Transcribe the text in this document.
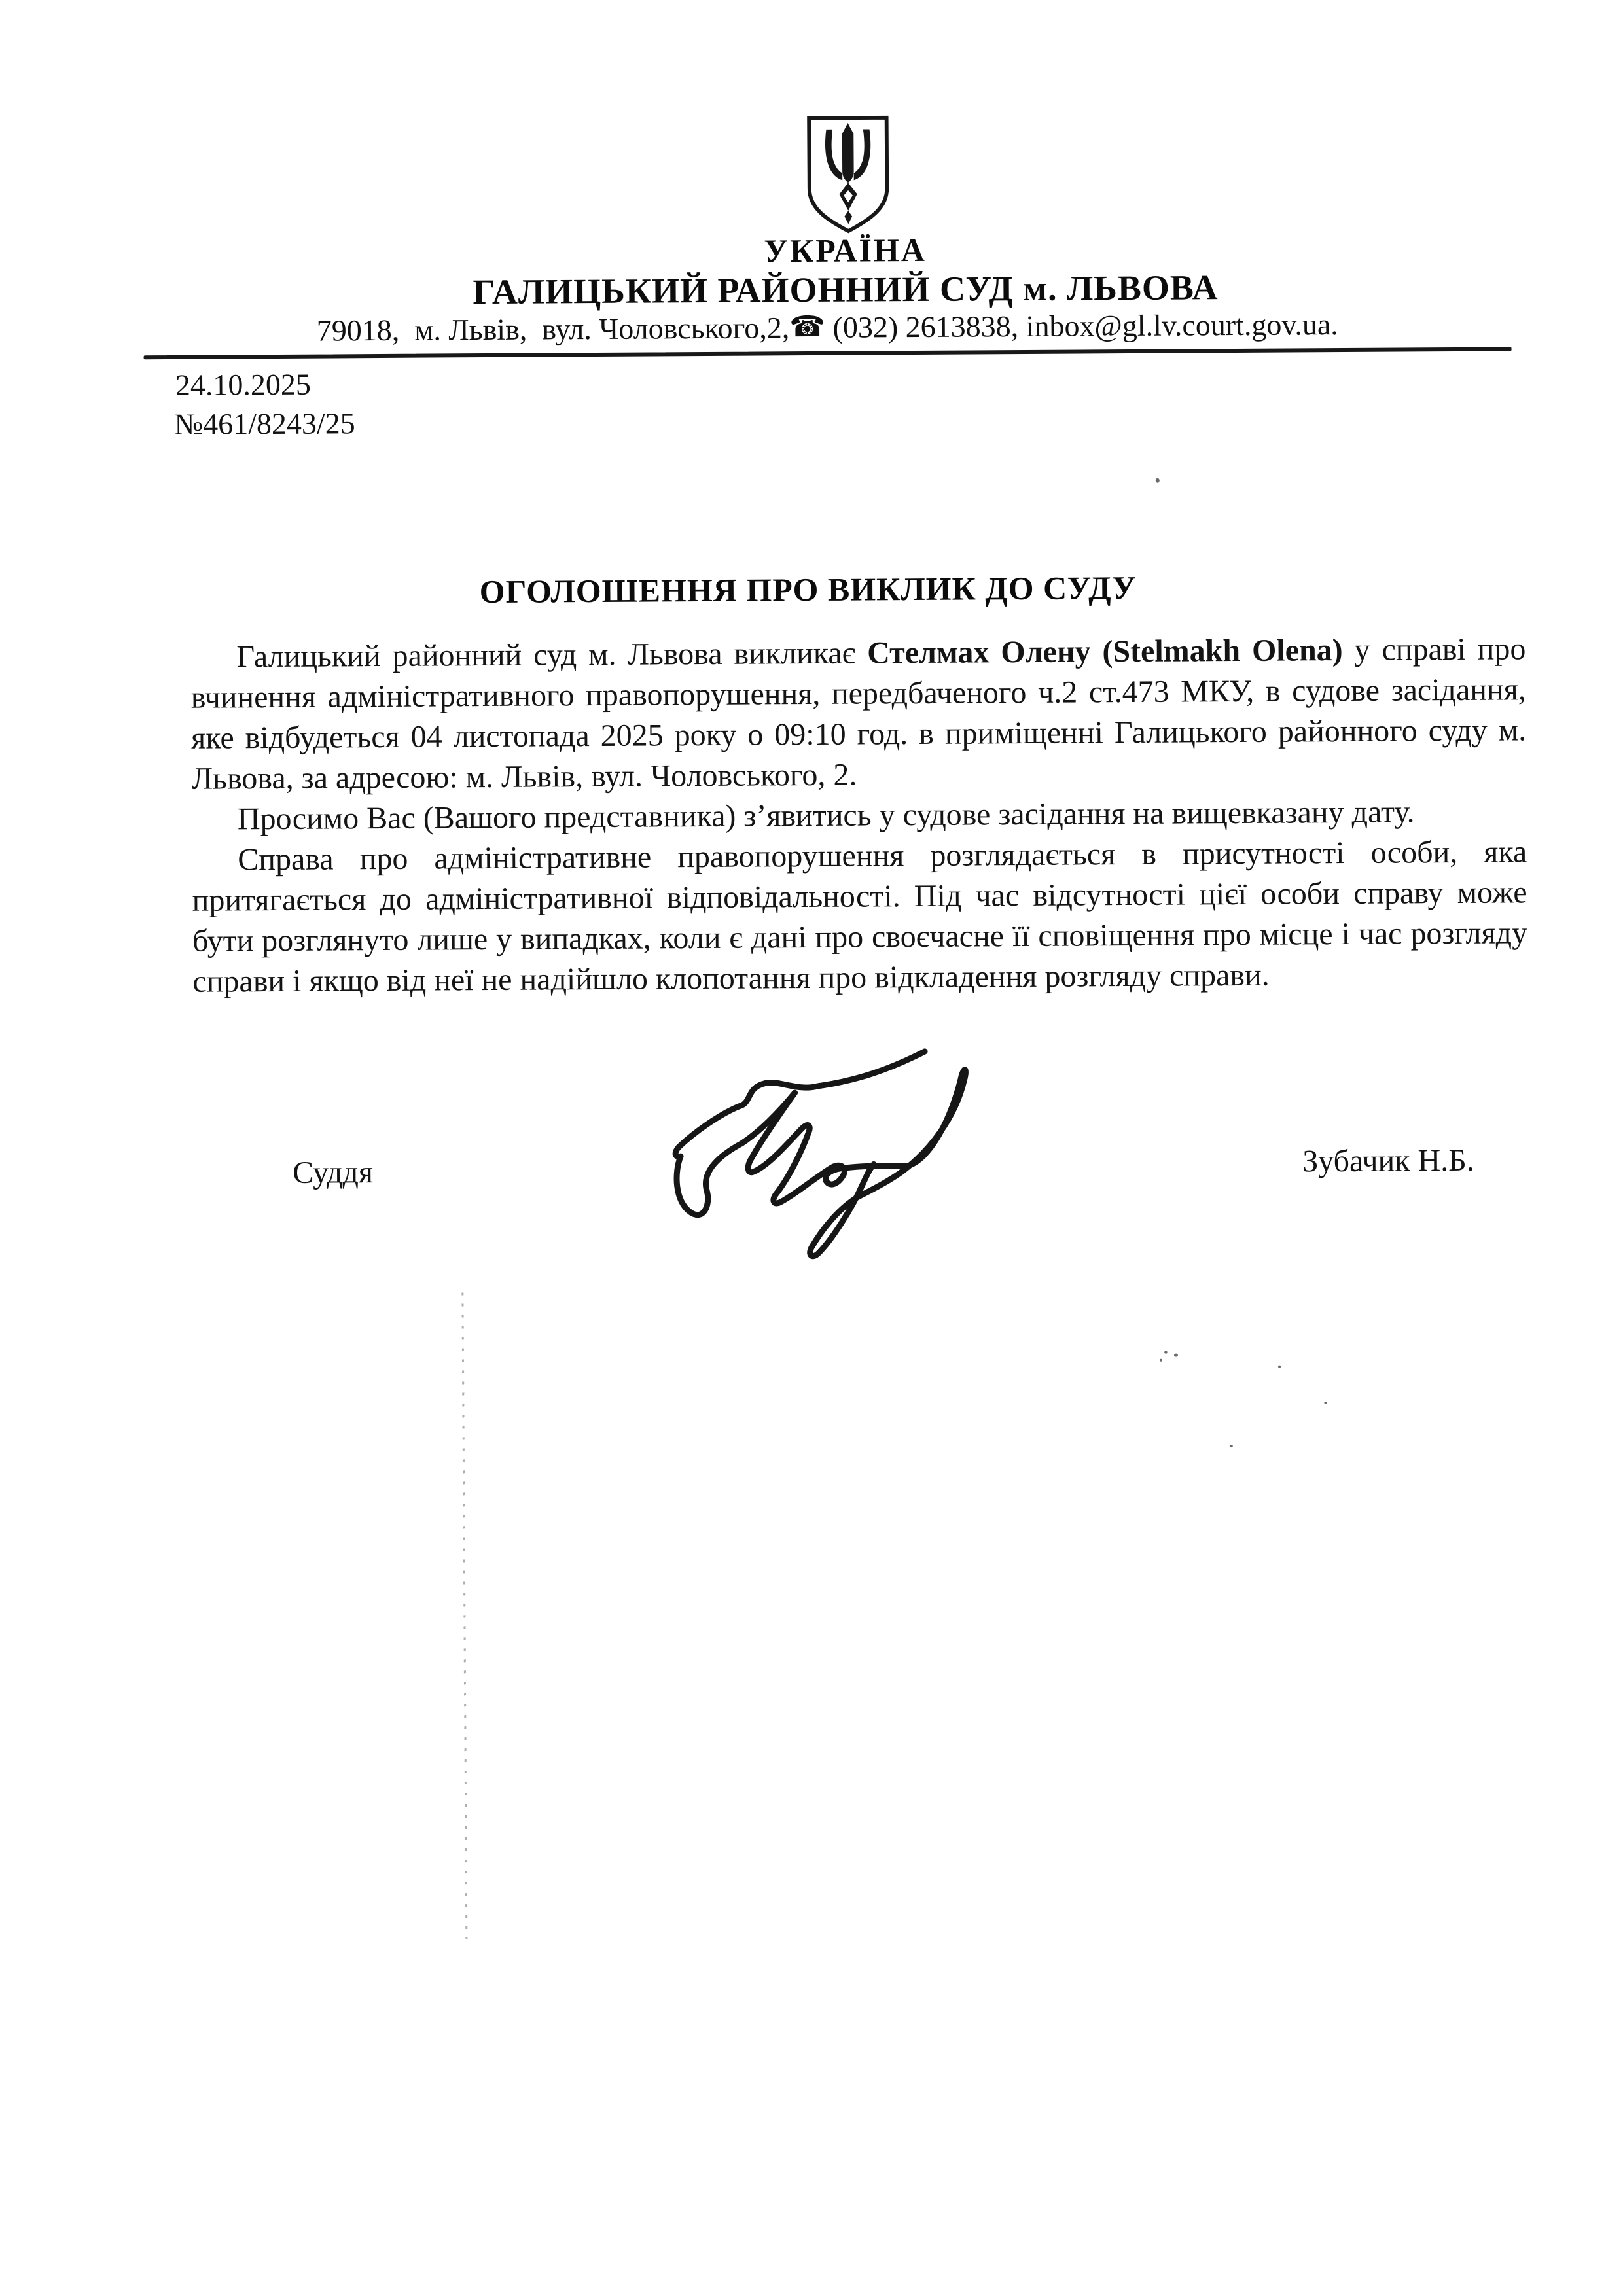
УКРАЇНА
ГАЛИЦЬКИЙ РАЙОННИЙ СУД м. ЛЬВОВА
79018,  м. Львів,  вул. Чоловського,2,☎ (032) 2613838, inbox@gl.lv.court.gov.ua.
24.10.2025
№461/8243/25
ОГОЛОШЕННЯ ПРО ВИКЛИК ДО СУДУ

Галицький районний суд м. Львова викликає Стелмах Олену (Stelmakh Olena) у справі про вчинення адміністративного правопорушення, передбаченого ч.2 ст.473 МКУ, в судове засідання, яке відбудеться 04 листопада 2025 року о 09:10 год. в приміщенні Галицького районного суду м. Львова, за адресою: м. Львів, вул. Чоловського, 2.

Просимо Вас (Вашого представника) з’явитись у судове засідання на вищевказану дату.

Справа про адміністративне правопорушення розглядається в присутності особи, яка притягається до адміністративної відповідальності. Під час відсутності цієї особи справу може бути розглянуто лише у випадках, коли є дані про своєчасне її сповіщення про місце і час розгляду справи і якщо від неї не надійшло клопотання про відкладення розгляду справи.

Суддя	Зубачик Н.Б.
